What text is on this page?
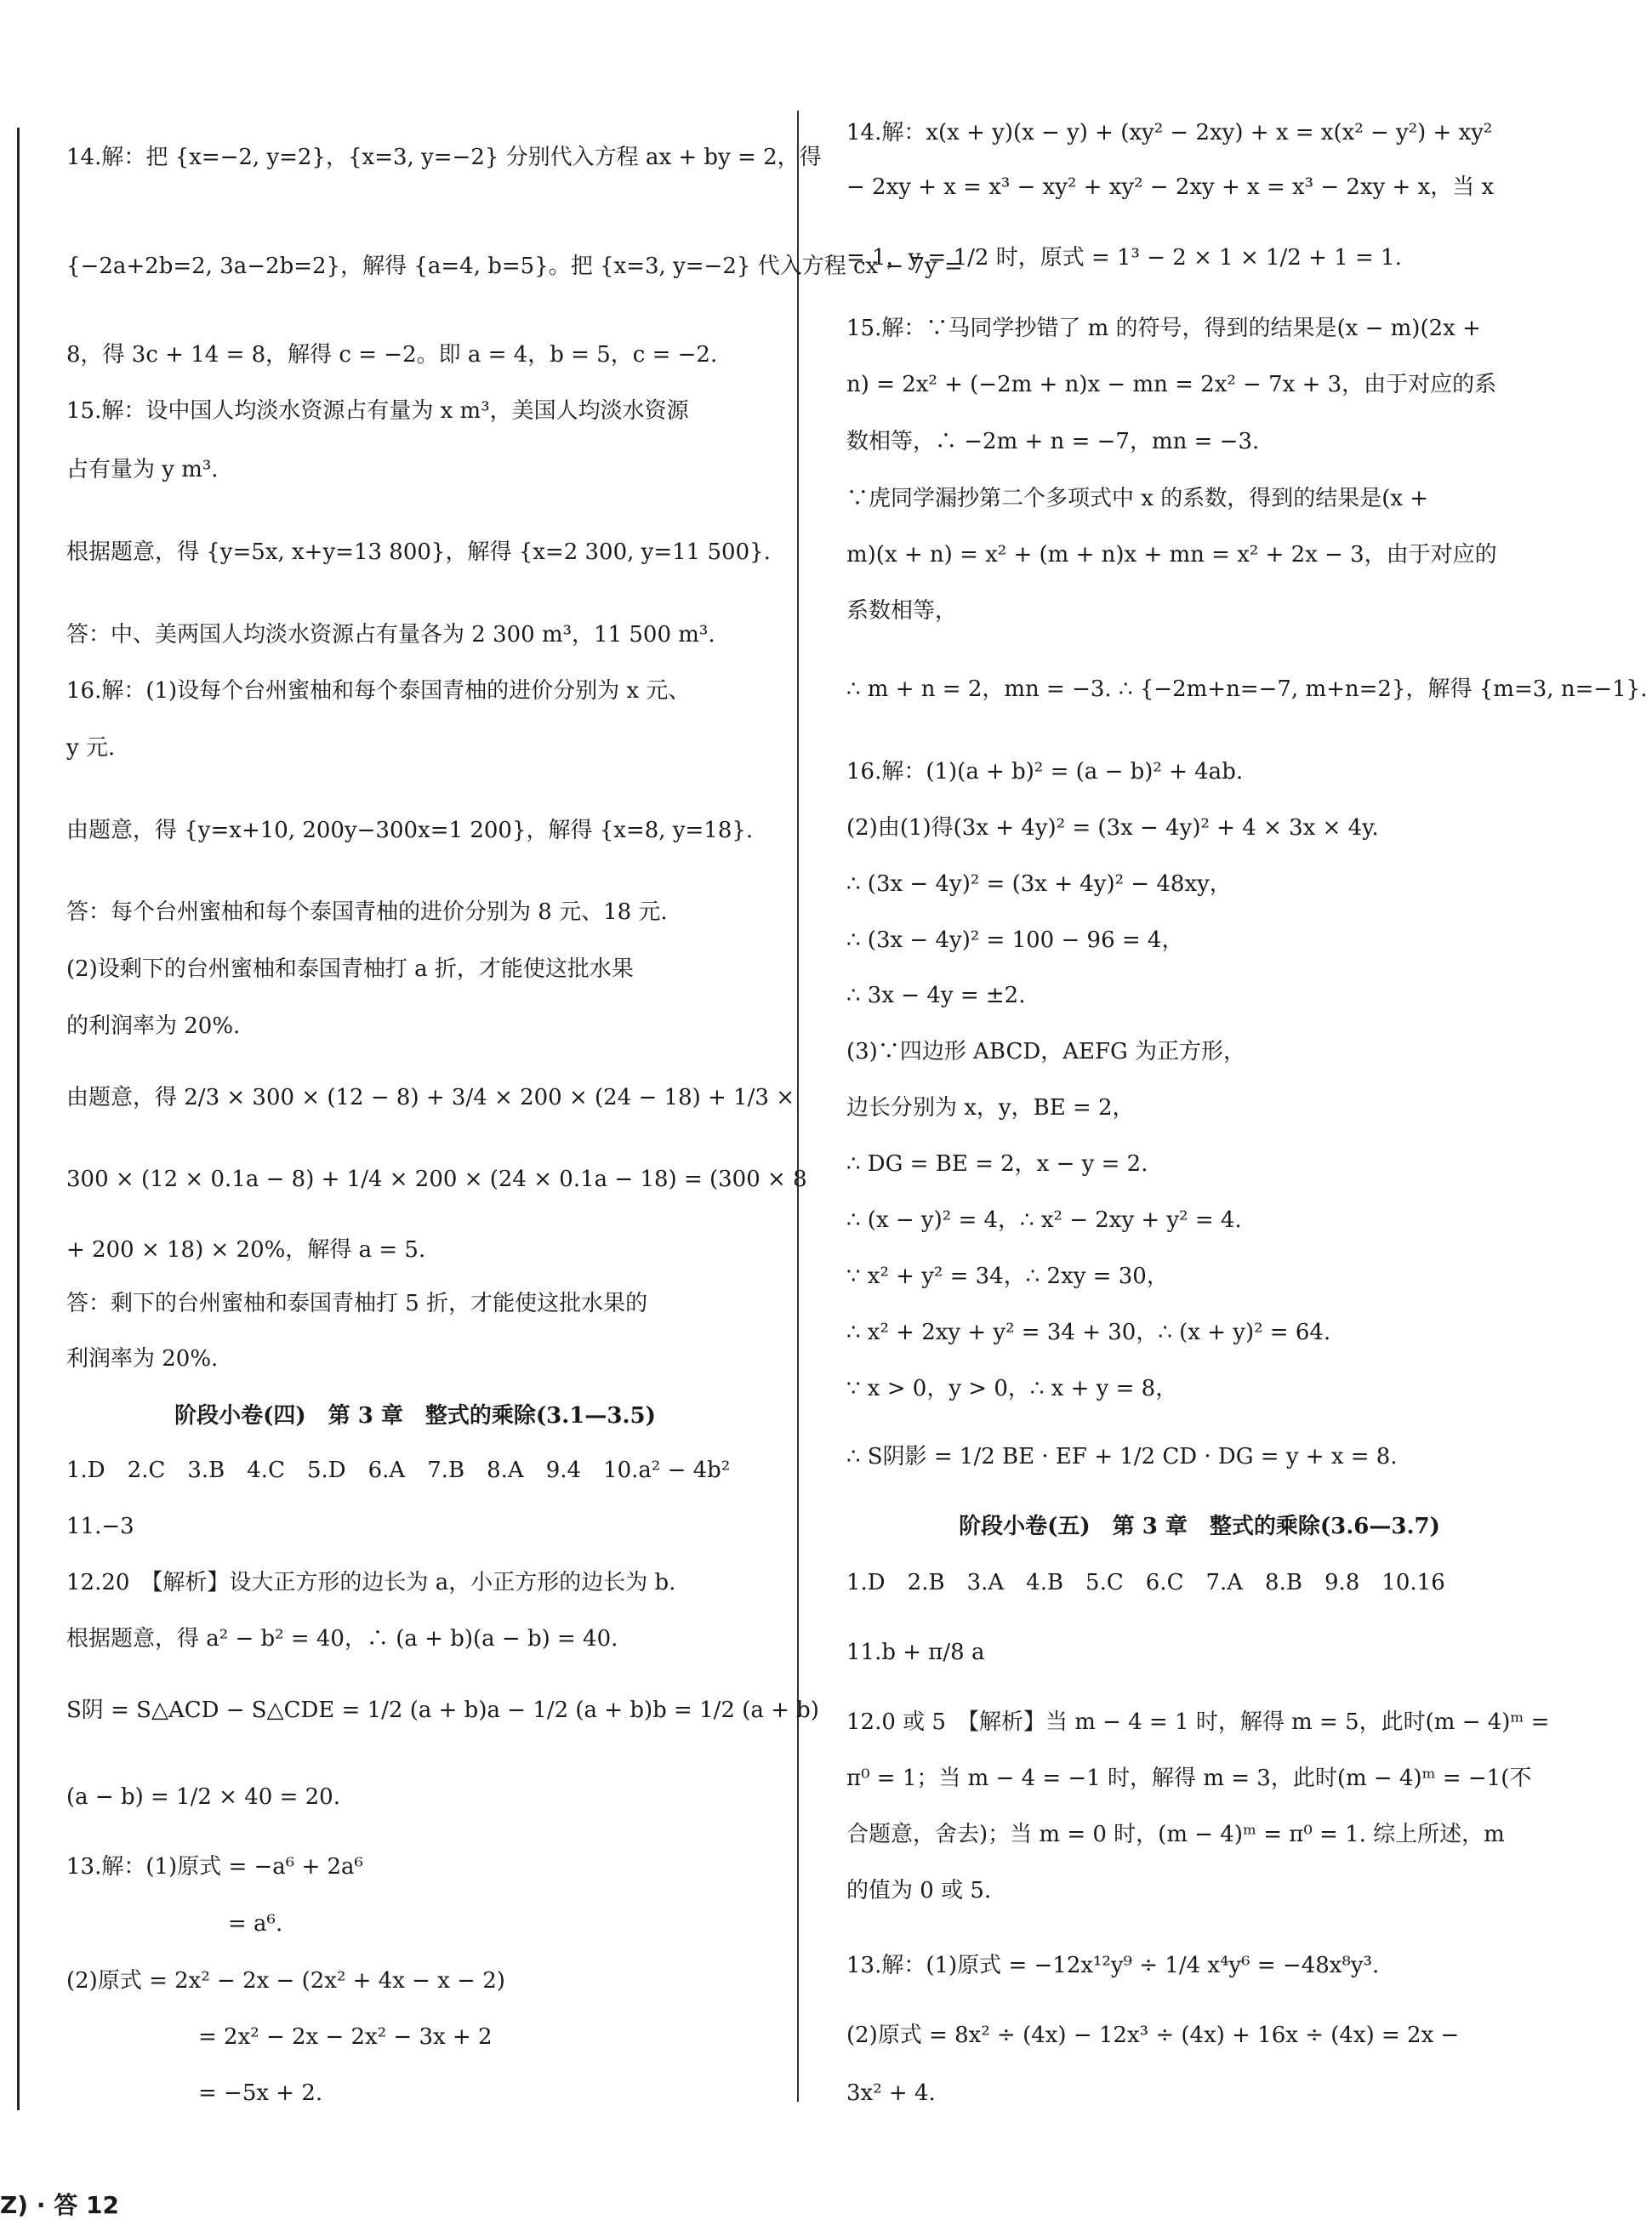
14.解：把 {x=−2, y=2}，{x=3, y=−2} 分别代入方程 ax + by = 2，得
{−2a+2b=2, 3a−2b=2}，解得 {a=4, b=5}。把 {x=3, y=−2} 代入方程 cx − 7y =
8，得 3c + 14 = 8，解得 c = −2。即 a = 4，b = 5，c = −2.
15.解：设中国人均淡水资源占有量为 x m³，美国人均淡水资源
占有量为 y m³.
根据题意，得 {y=5x, x+y=13 800}，解得 {x=2 300, y=11 500}.
答：中、美两国人均淡水资源占有量各为 2 300 m³，11 500 m³.
16.解：(1)设每个台州蜜柚和每个泰国青柚的进价分别为 x 元、
y 元.
由题意，得 {y=x+10, 200y−300x=1 200}，解得 {x=8, y=18}.
答：每个台州蜜柚和每个泰国青柚的进价分别为 8 元、18 元.
(2)设剩下的台州蜜柚和泰国青柚打 a 折，才能使这批水果
的利润率为 20%.
由题意，得 2/3 × 300 × (12 − 8) + 3/4 × 200 × (24 − 18) + 1/3 ×
300 × (12 × 0.1a − 8) + 1/4 × 200 × (24 × 0.1a − 18) = (300 × 8
+ 200 × 18) × 20%，解得 a = 5.
答：剩下的台州蜜柚和泰国青柚打 5 折，才能使这批水果的
利润率为 20%.
阶段小卷(四)　第 3 章　整式的乘除(3.1—3.5)
1.D　2.C　3.B　4.C　5.D　6.A　7.B　8.A　9.4　10.a² − 4b²
11.−3
12.20　【解析】设大正方形的边长为 a，小正方形的边长为 b.
根据题意，得 a² − b² = 40，∴ (a + b)(a − b) = 40.
S阴 = S△ACD − S△CDE = 1/2 (a + b)a − 1/2 (a + b)b = 1/2 (a + b)
(a − b) = 1/2 × 40 = 20.
13.解：(1)原式 = −a⁶ + 2a⁶
= a⁶.
(2)原式 = 2x² − 2x − (2x² + 4x − x − 2)
= 2x² − 2x − 2x² − 3x + 2
= −5x + 2.
14.解：x(x + y)(x − y) + (xy² − 2xy) + x = x(x² − y²) + xy²
− 2xy + x = x³ − xy² + xy² − 2xy + x = x³ − 2xy + x，当 x
= 1，y = 1/2 时，原式 = 1³ − 2 × 1 × 1/2 + 1 = 1.
15.解：∵马同学抄错了 m 的符号，得到的结果是(x − m)(2x +
n) = 2x² + (−2m + n)x − mn = 2x² − 7x + 3，由于对应的系
数相等，∴ −2m + n = −7，mn = −3.
∵虎同学漏抄第二个多项式中 x 的系数，得到的结果是(x +
m)(x + n) = x² + (m + n)x + mn = x² + 2x − 3，由于对应的
系数相等，
∴ m + n = 2，mn = −3. ∴ {−2m+n=−7, m+n=2}，解得 {m=3, n=−1}.
16.解：(1)(a + b)² = (a − b)² + 4ab.
(2)由(1)得(3x + 4y)² = (3x − 4y)² + 4 × 3x × 4y.
∴ (3x − 4y)² = (3x + 4y)² − 48xy，
∴ (3x − 4y)² = 100 − 96 = 4，
∴ 3x − 4y = ±2.
(3)∵四边形 ABCD，AEFG 为正方形，
边长分别为 x，y，BE = 2，
∴ DG = BE = 2，x − y = 2.
∴ (x − y)² = 4，∴ x² − 2xy + y² = 4.
∵ x² + y² = 34，∴ 2xy = 30，
∴ x² + 2xy + y² = 34 + 30，∴ (x + y)² = 64.
∵ x > 0，y > 0，∴ x + y = 8，
∴ S阴影 = 1/2 BE · EF + 1/2 CD · DG = y + x = 8.
阶段小卷(五)　第 3 章　整式的乘除(3.6—3.7)
1.D　2.B　3.A　4.B　5.C　6.C　7.A　8.B　9.8　10.16
11.b + π/8 a
12.0 或 5　【解析】当 m − 4 = 1 时，解得 m = 5，此时(m − 4)ᵐ =
π⁰ = 1；当 m − 4 = −1 时，解得 m = 3，此时(m − 4)ᵐ = −1(不
合题意，舍去)；当 m = 0 时，(m − 4)ᵐ = π⁰ = 1. 综上所述，m
的值为 0 或 5.
13.解：(1)原式 = −12x¹²y⁹ ÷ 1/4 x⁴y⁶ = −48x⁸y³.
(2)原式 = 8x² ÷ (4x) − 12x³ ÷ (4x) + 16x ÷ (4x) = 2x −
3x² + 4.
Z) · 答 12
